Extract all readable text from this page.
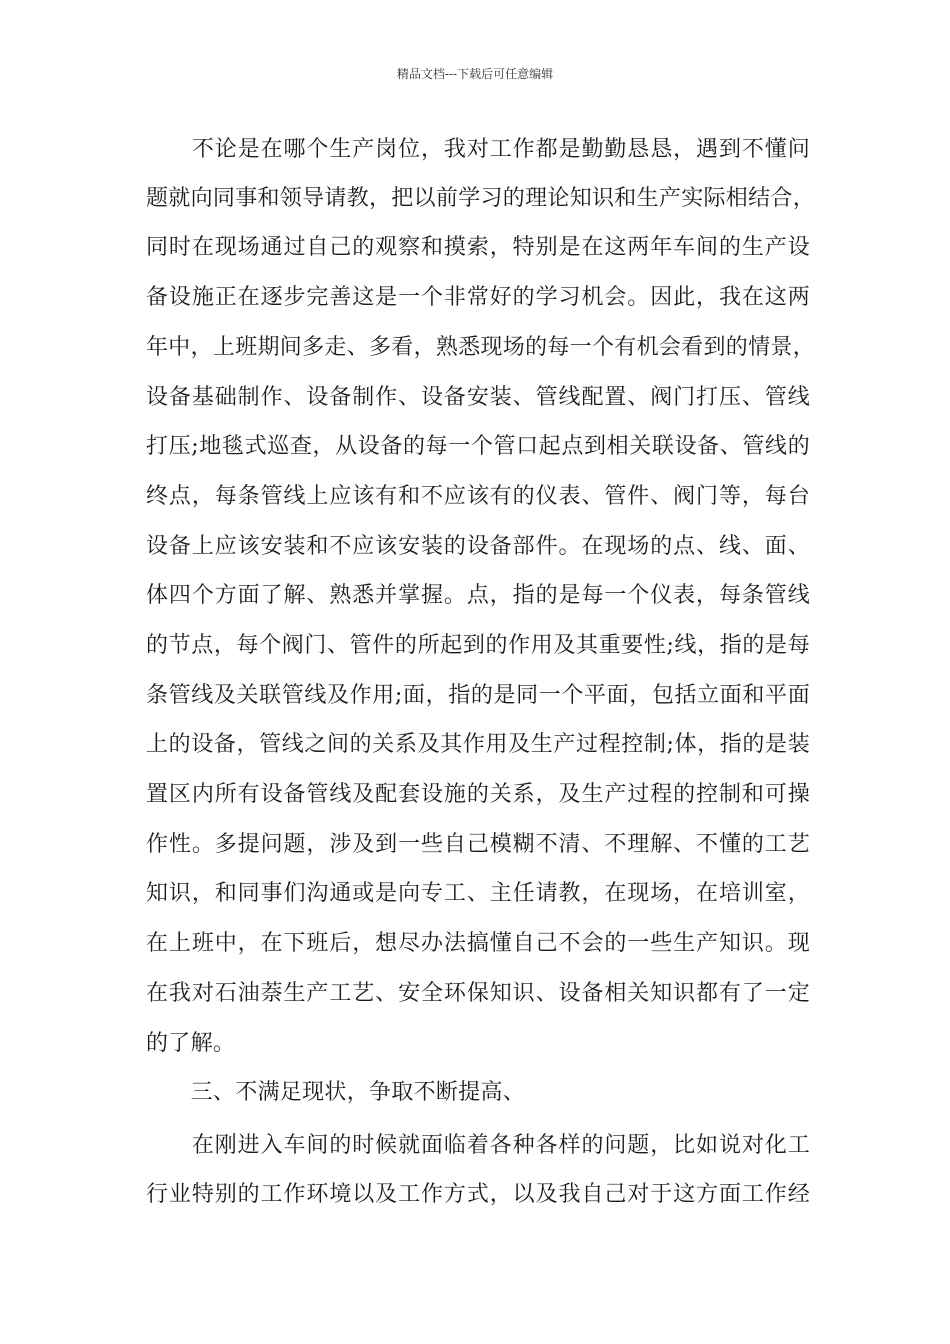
精品文档---下载后可任意编辑
　　不论是在哪个生产岗位，我对工作都是勤勤恳恳，遇到不懂问
题就向同事和领导请教，把以前学习的理论知识和生产实际相结合，
同时在现场通过自己的观察和摸索，特别是在这两年车间的生产设
备设施正在逐步完善这是一个非常好的学习机会。因此，我在这两
年中，上班期间多走、多看，熟悉现场的每一个有机会看到的情景，
设备基础制作、设备制作、设备安装、管线配置、阀门打压、管线
打压;地毯式巡查，从设备的每一个管口起点到相关联设备、管线的
终点，每条管线上应该有和不应该有的仪表、管件、阀门等，每台
设备上应该安装和不应该安装的设备部件。在现场的点、线、面、
体四个方面了解、熟悉并掌握。点，指的是每一个仪表，每条管线
的节点，每个阀门、管件的所起到的作用及其重要性;线，指的是每
条管线及关联管线及作用;面，指的是同一个平面，包括立面和平面
上的设备，管线之间的关系及其作用及生产过程控制;体，指的是装
置区内所有设备管线及配套设施的关系，及生产过程的控制和可操
作性。多提问题，涉及到一些自己模糊不清、不理解、不懂的工艺
知识，和同事们沟通或是向专工、主任请教，在现场，在培训室，
在上班中，在下班后，想尽办法搞懂自己不会的一些生产知识。现
在我对石油萘生产工艺、安全环保知识、设备相关知识都有了一定
的了解。
　　三、不满足现状，争取不断提高、
　　在刚进入车间的时候就面临着各种各样的问题，比如说对化工
行业特别的工作环境以及工作方式，以及我自己对于这方面工作经
